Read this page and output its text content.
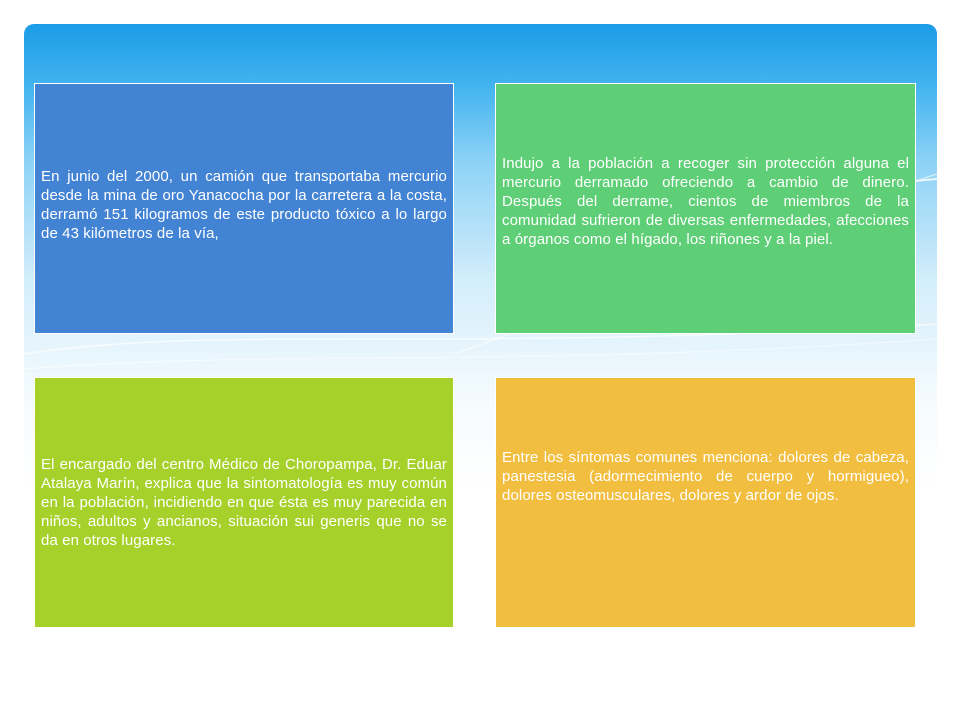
En junio del 2000, un camión que transportaba mercurio desde la mina de oro Yanacocha por la carretera a la costa, derramó 151 kilogramos de este producto tóxico a lo largo de 43 kilómetros de la vía,
Indujo a la población a recoger sin protección alguna el mercurio derramado ofreciendo a cambio de dinero. Después del derrame, cientos de miembros de la comunidad sufrieron de diversas enfermedades, afecciones a órganos como el hígado, los riñones y a la piel.
El encargado del centro Médico de Choropampa, Dr. Eduar Atalaya Marín, explica que la sintomatología es muy común en la población, incidiendo en que ésta es muy parecida en niños, adultos y ancianos, situación sui generis que no se da en otros lugares.
Entre los síntomas comunes menciona: dolores de cabeza, panestesia (adormecimiento de cuerpo y hormigueo), dolores osteomusculares, dolores y ardor de ojos.
